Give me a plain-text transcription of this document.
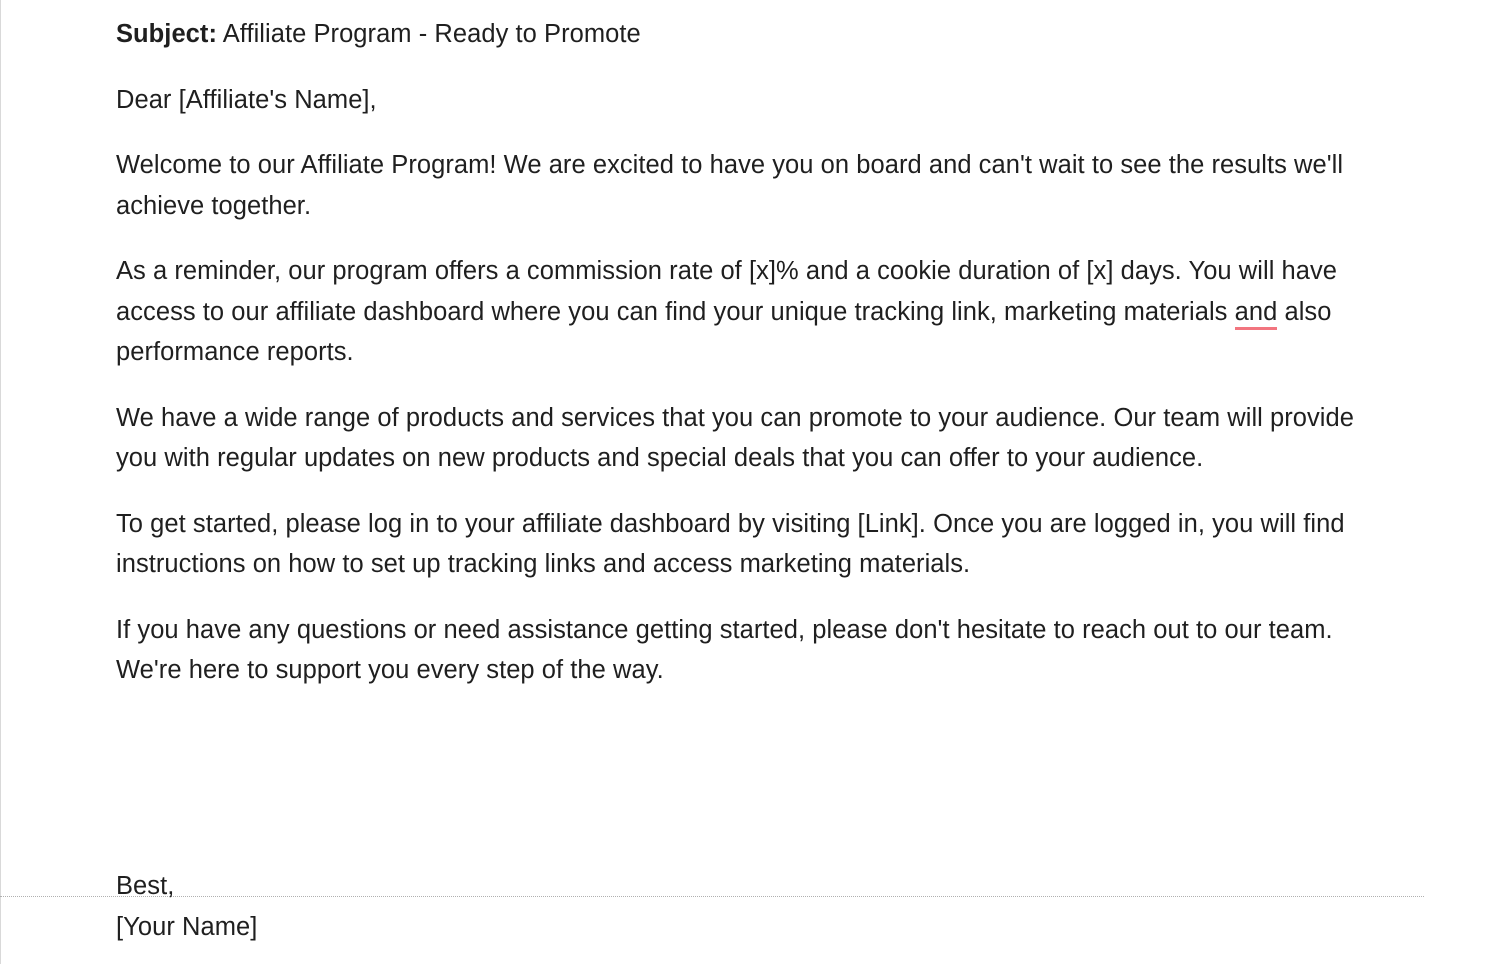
Subject: Affiliate Program - Ready to Promote

Dear [Affiliate's Name],

Welcome to our Affiliate Program! We are excited to have you on board and can't wait to see the results we'll achieve together.

As a reminder, our program offers a commission rate of [x]% and a cookie duration of [x] days. You will have access to our affiliate dashboard where you can find your unique tracking link, marketing materials and also performance reports.

We have a wide range of products and services that you can promote to your audience. Our team will provide you with regular updates on new products and special deals that you can offer to your audience.

To get started, please log in to your affiliate dashboard by visiting [Link]. Once you are logged in, you will find instructions on how to set up tracking links and access marketing materials.

If you have any questions or need assistance getting started, please don't hesitate to reach out to our team. We're here to support you every step of the way.

Best,

[Your Name]
